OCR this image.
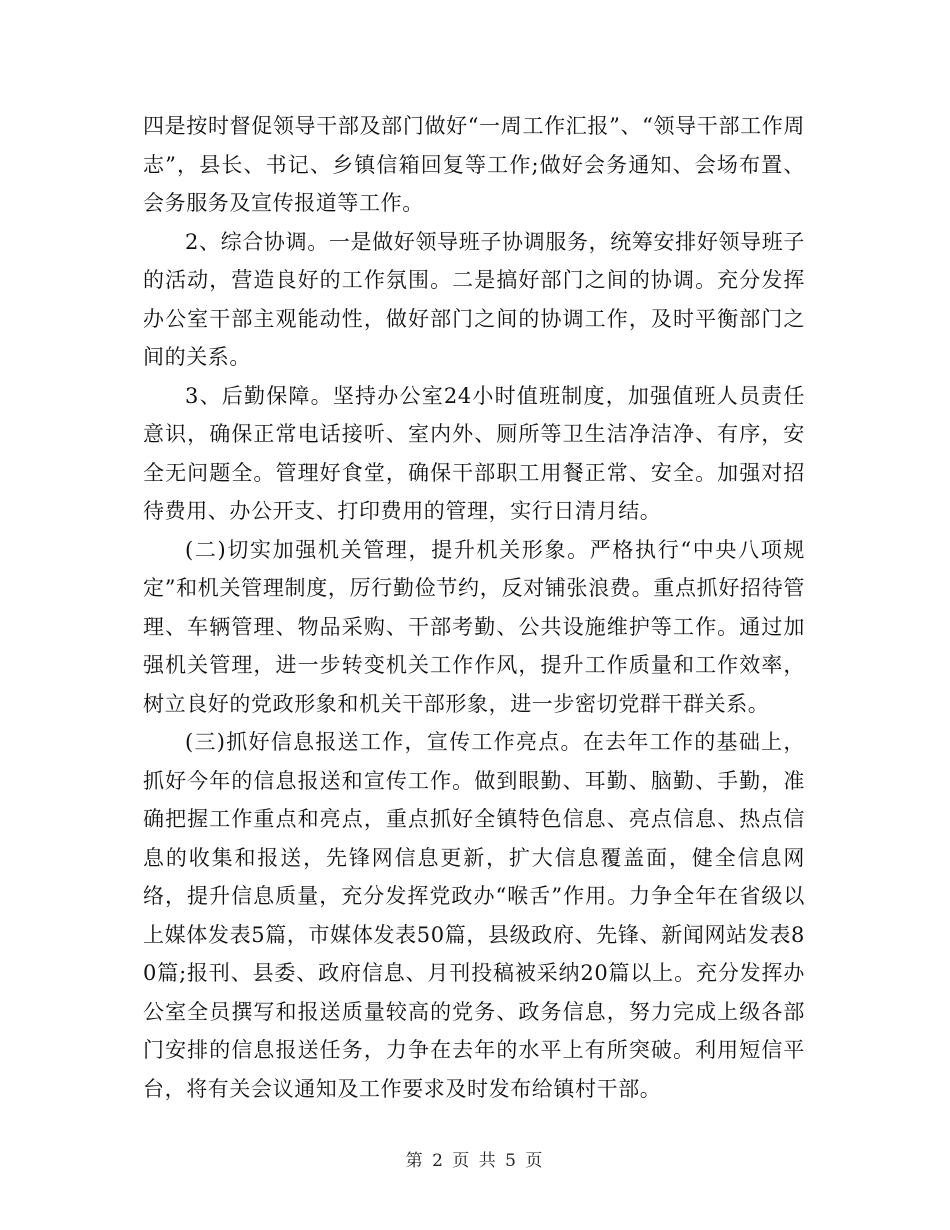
四是按时督促领导干部及部门做好“一周工作汇报”、“领导干部工作周志”，县长、书记、乡镇信箱回复等工作;做好会务通知、会场布置、会务服务及宣传报道等工作。

2、综合协调。一是做好领导班子协调服务，统筹安排好领导班子的活动，营造良好的工作氛围。二是搞好部门之间的协调。充分发挥办公室干部主观能动性，做好部门之间的协调工作，及时平衡部门之间的关系。

3、后勤保障。坚持办公室24小时值班制度，加强值班人员责任意识，确保正常电话接听、室内外、厕所等卫生洁净洁净、有序，安全无问题全。管理好食堂，确保干部职工用餐正常、安全。加强对招待费用、办公开支、打印费用的管理，实行日清月结。

(二)切实加强机关管理，提升机关形象。严格执行“中央八项规定”和机关管理制度，厉行勤俭节约，反对铺张浪费。重点抓好招待管理、车辆管理、物品采购、干部考勤、公共设施维护等工作。通过加强机关管理，进一步转变机关工作作风，提升工作质量和工作效率，树立良好的党政形象和机关干部形象，进一步密切党群干群关系。

(三)抓好信息报送工作，宣传工作亮点。在去年工作的基础上，抓好今年的信息报送和宣传工作。做到眼勤、耳勤、脑勤、手勤，准确把握工作重点和亮点，重点抓好全镇特色信息、亮点信息、热点信息的收集和报送，先锋网信息更新，扩大信息覆盖面，健全信息网络，提升信息质量，充分发挥党政办“喉舌”作用。力争全年在省级以上媒体发表5篇，市媒体发表50篇，县级政府、先锋、新闻网站发表80篇;报刊、县委、政府信息、月刊投稿被采纳20篇以上。充分发挥办公室全员撰写和报送质量较高的党务、政务信息，努力完成上级各部门安排的信息报送任务，力争在去年的水平上有所突破。利用短信平台，将有关会议通知及工作要求及时发布给镇村干部。

第 2 页 共 5 页
